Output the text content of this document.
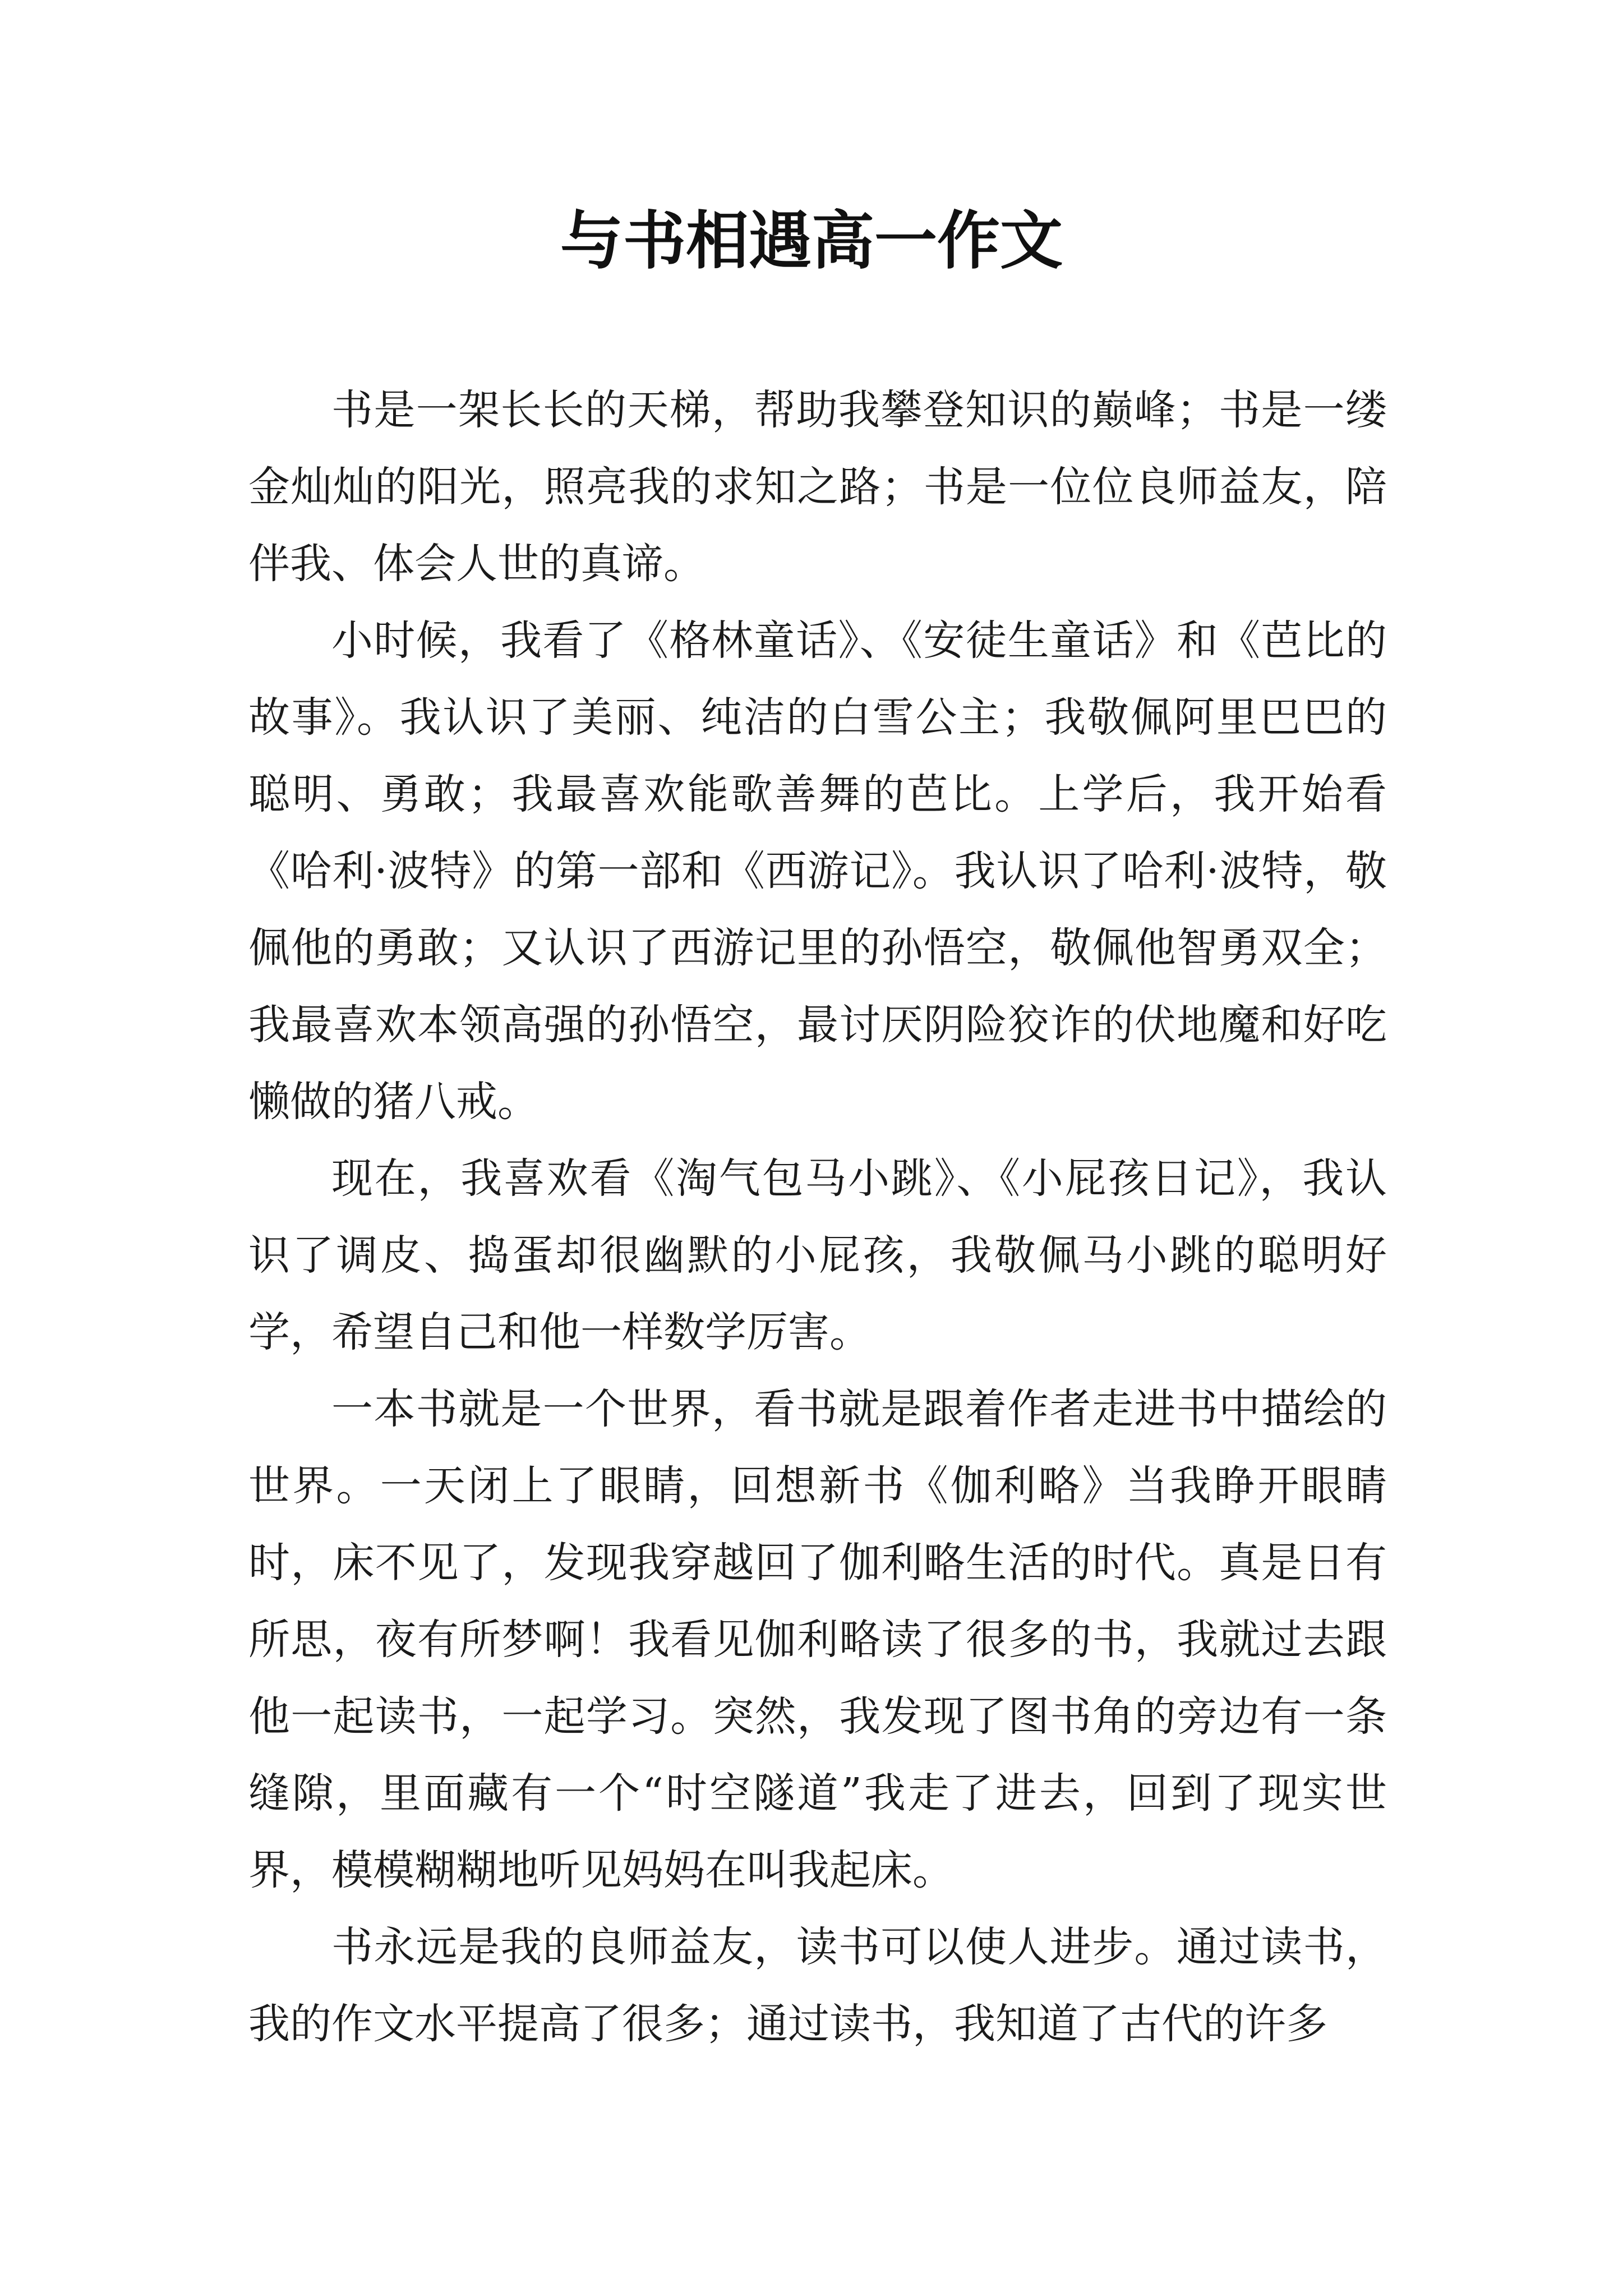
与书相遇高一作文

书是一架长长的天梯，帮助我攀登知识的巅峰；书是一缕金灿灿的阳光，照亮我的求知之路；书是一位位良师益友，陪伴我、体会人世的真谛。

小时候，我看了《格林童话》、《安徒生童话》和《芭比的故事》。我认识了美丽、纯洁的白雪公主；我敬佩阿里巴巴的聪明、勇敢；我最喜欢能歌善舞的芭比。上学后，我开始看《哈利·波特》的第一部和《西游记》。我认识了哈利·波特，敬佩他的勇敢；又认识了西游记里的孙悟空，敬佩他智勇双全；我最喜欢本领高强的孙悟空，最讨厌阴险狡诈的伏地魔和好吃懒做的猪八戒。

现在，我喜欢看《淘气包马小跳》、《小屁孩日记》，我认识了调皮、捣蛋却很幽默的小屁孩，我敬佩马小跳的聪明好学，希望自己和他一样数学厉害。

一本书就是一个世界，看书就是跟着作者走进书中描绘的世界。一天闭上了眼睛，回想新书《伽利略》当我睁开眼睛时，床不见了，发现我穿越回了伽利略生活的时代。真是日有所思，夜有所梦啊！我看见伽利略读了很多的书，我就过去跟他一起读书，一起学习。突然，我发现了图书角的旁边有一条缝隙，里面藏有一个“时空隧道”我走了进去，回到了现实世界，模模糊糊地听见妈妈在叫我起床。

书永远是我的良师益友，读书可以使人进步。通过读书，我的作文水平提高了很多；通过读书，我知道了古代的许多
